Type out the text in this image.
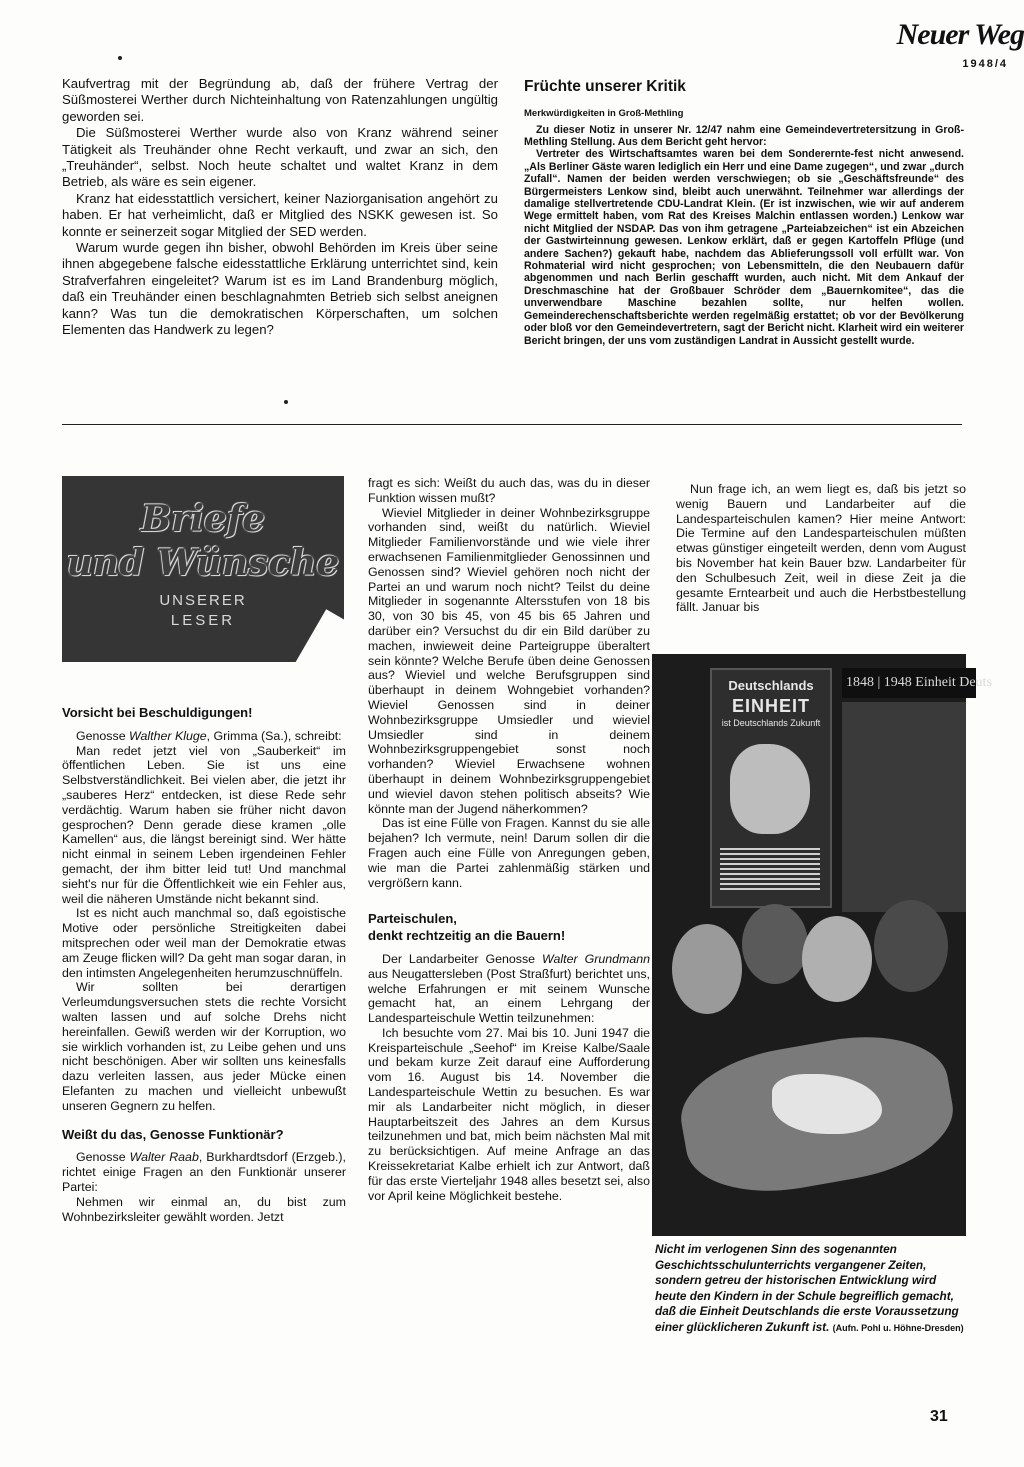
Neuer Weg
1948/4

Kaufvertrag mit der Begründung ab, daß der frühere Vertrag der Süßmosterei Werther durch Nichteinhaltung von Ratenzahlungen ungültig geworden sei.

Die Süßmosterei Werther wurde also von Kranz während seiner Tätigkeit als Treuhänder ohne Recht verkauft, und zwar an sich, den „Treuhänder“, selbst. Noch heute schaltet und waltet Kranz in dem Betrieb, als wäre es sein eigener.

Kranz hat eidesstattlich versichert, keiner Naziorganisation angehört zu haben. Er hat verheimlicht, daß er Mitglied des NSKK gewesen ist. So konnte er seinerzeit sogar Mitglied der SED werden.

Warum wurde gegen ihn bisher, obwohl Behörden im Kreis über seine ihnen abgegebene falsche eidesstattliche Erklärung unterrichtet sind, kein Strafverfahren eingeleitet? Warum ist es im Land Brandenburg möglich, daß ein Treuhänder einen beschlagnahmten Betrieb sich selbst aneignen kann? Was tun die demokratischen Körperschaften, um solchen Elementen das Handwerk zu legen?

Früchte unserer Kritik
Merkwürdigkeiten in Groß-Methling

Zu dieser Notiz in unserer Nr. 12/47 nahm eine Gemeindevertretersitzung in Groß-Methling Stellung. Aus dem Bericht geht hervor:

Vertreter des Wirtschaftsamtes waren bei dem Sonderernte-fest nicht anwesend. „Als Berliner Gäste waren lediglich ein Herr und eine Dame zugegen“, und zwar „durch Zufall“. Namen der beiden werden verschwiegen; ob sie „Geschäftsfreunde“ des Bürgermeisters Lenkow sind, bleibt auch unerwähnt. Teilnehmer war allerdings der damalige stellvertretende CDU-Landrat Klein. (Er ist inzwischen, wie wir auf anderem Wege ermittelt haben, vom Rat des Kreises Malchin entlassen worden.) Lenkow war nicht Mitglied der NSDAP. Das von ihm getragene „Parteiabzeichen“ ist ein Abzeichen der Gastwirteinnung gewesen. Lenkow erklärt, daß er gegen Kartoffeln Pflüge (und andere Sachen?) gekauft habe, nachdem das Ablieferungssoll voll erfüllt war. Von Rohmaterial wird nicht gesprochen; von Lebensmitteln, die den Neubauern dafür abgenommen und nach Berlin geschafft wurden, auch nicht. Mit dem Ankauf der Dreschmaschine hat der Großbauer Schröder dem „Bauernkomitee“, das die unverwendbare Maschine bezahlen sollte, nur helfen wollen. Gemeinderechenschaftsberichte werden regelmäßig erstattet; ob vor der Bevölkerung oder bloß vor den Gemeindevertretern, sagt der Bericht nicht. Klarheit wird ein weiterer Bericht bringen, der uns vom zuständigen Landrat in Aussicht gestellt wurde.

Briefe
und Wünsche
UNSERER
LESER
Vorsicht bei Beschuldigungen!

Genosse Walther Kluge, Grimma (Sa.), schreibt:

Man redet jetzt viel von „Sauberkeit“ im öffentlichen Leben. Sie ist uns eine Selbstverständlichkeit. Bei vielen aber, die jetzt ihr „sauberes Herz“ entdecken, ist diese Rede sehr verdächtig. Warum haben sie früher nicht davon gesprochen? Denn gerade diese kramen „olle Kamellen“ aus, die längst bereinigt sind. Wer hätte nicht einmal in seinem Leben irgendeinen Fehler gemacht, der ihm bitter leid tut! Und manchmal sieht's nur für die Öffentlichkeit wie ein Fehler aus, weil die näheren Umstände nicht bekannt sind.

Ist es nicht auch manchmal so, daß egoistische Motive oder persönliche Streitigkeiten dabei mitsprechen oder weil man der Demokratie etwas am Zeuge flicken will? Da geht man sogar daran, in den intimsten Angelegenheiten herumzuschnüffeln.

Wir sollten bei derartigen Verleumdungsversuchen stets die rechte Vorsicht walten lassen und auf solche Drehs nicht hereinfallen. Gewiß werden wir der Korruption, wo sie wirklich vorhanden ist, zu Leibe gehen und uns nicht beschönigen. Aber wir sollten uns keinesfalls dazu verleiten lassen, aus jeder Mücke einen Elefanten zu machen und vielleicht unbewußt unseren Gegnern zu helfen.

Weißt du das, Genosse Funktionär?

Genosse Walter Raab, Burkhardtsdorf (Erzgeb.), richtet einige Fragen an den Funktionär unserer Partei:

Nehmen wir einmal an, du bist zum Wohnbezirksleiter gewählt worden. Jetzt

fragt es sich: Weißt du auch das, was du in dieser Funktion wissen mußt?

Wieviel Mitglieder in deiner Wohnbezirksgruppe vorhanden sind, weißt du natürlich. Wieviel Mitglieder Familienvorstände und wie viele ihrer erwachsenen Familienmitglieder Genossinnen und Genossen sind? Wieviel gehören noch nicht der Partei an und warum noch nicht? Teilst du deine Mitglieder in sogenannte Altersstufen von 18 bis 30, von 30 bis 45, von 45 bis 65 Jahren und darüber ein? Versuchst du dir ein Bild darüber zu machen, inwieweit deine Parteigruppe überaltert sein könnte? Welche Berufe üben deine Genossen aus? Wieviel und welche Berufsgruppen sind überhaupt in deinem Wohngebiet vorhanden? Wieviel Genossen sind in deiner Wohnbezirksgruppe Umsiedler und wieviel Umsiedler sind in deinem Wohnbezirksgruppengebiet sonst noch vorhanden? Wieviel Erwachsene wohnen überhaupt in deinem Wohnbezirksgruppengebiet und wieviel davon stehen politisch abseits? Wie könnte man der Jugend näherkommen?

Das ist eine Fülle von Fragen. Kannst du sie alle bejahen? Ich vermute, nein! Darum sollen dir die Fragen auch eine Fülle von Anregungen geben, wie man die Partei zahlenmäßig stärken und vergrößern kann.

Parteischulen,
denkt rechtzeitig an die Bauern!

Der Landarbeiter Genosse Walter Grundmann aus Neugattersleben (Post Straßfurt) berichtet uns, welche Erfahrungen er mit seinem Wunsche gemacht hat, an einem Lehrgang der Landesparteischule Wettin teilzunehmen:

Ich besuchte vom 27. Mai bis 10. Juni 1947 die Kreisparteischule „Seehof“ im Kreise Kalbe/Saale und bekam kurze Zeit darauf eine Aufforderung vom 16. August bis 14. November die Landesparteischule Wettin zu besuchen. Es war mir als Landarbeiter nicht möglich, in dieser Hauptarbeitszeit des Jahres an dem Kursus teilzunehmen und bat, mich beim nächsten Mal mit zu berücksichtigen. Auf meine Anfrage an das Kreissekretariat Kalbe erhielt ich zur Antwort, daß für das erste Vierteljahr 1948 alles besetzt sei, also vor April keine Möglichkeit bestehe.

Nun frage ich, an wem liegt es, daß bis jetzt so wenig Bauern und Landarbeiter auf die Landesparteischulen kamen? Hier meine Antwort: Die Termine auf den Landesparteischulen müßten etwas günstiger eingeteilt werden, denn vom August bis November hat kein Bauer bzw. Landarbeiter für den Schulbesuch Zeit, weil in diese Zeit ja die gesamte Erntearbeit und auch die Herbstbestellung fällt. Januar bis

Deutschlands
EINHEIT
ist Deutschlands Zukunft
1848 | 1948 Einheit Deuts
Nicht im verlogenen Sinn des sogenannten Geschichtsschulunterrichts vergangener Zeiten, sondern getreu der historischen Entwicklung wird heute den Kindern in der Schule begreiflich gemacht, daß die Einheit Deutschlands die erste Voraussetzung einer glücklicheren Zukunft ist. (Aufn. Pohl u. Höhne-Dresden)
31
